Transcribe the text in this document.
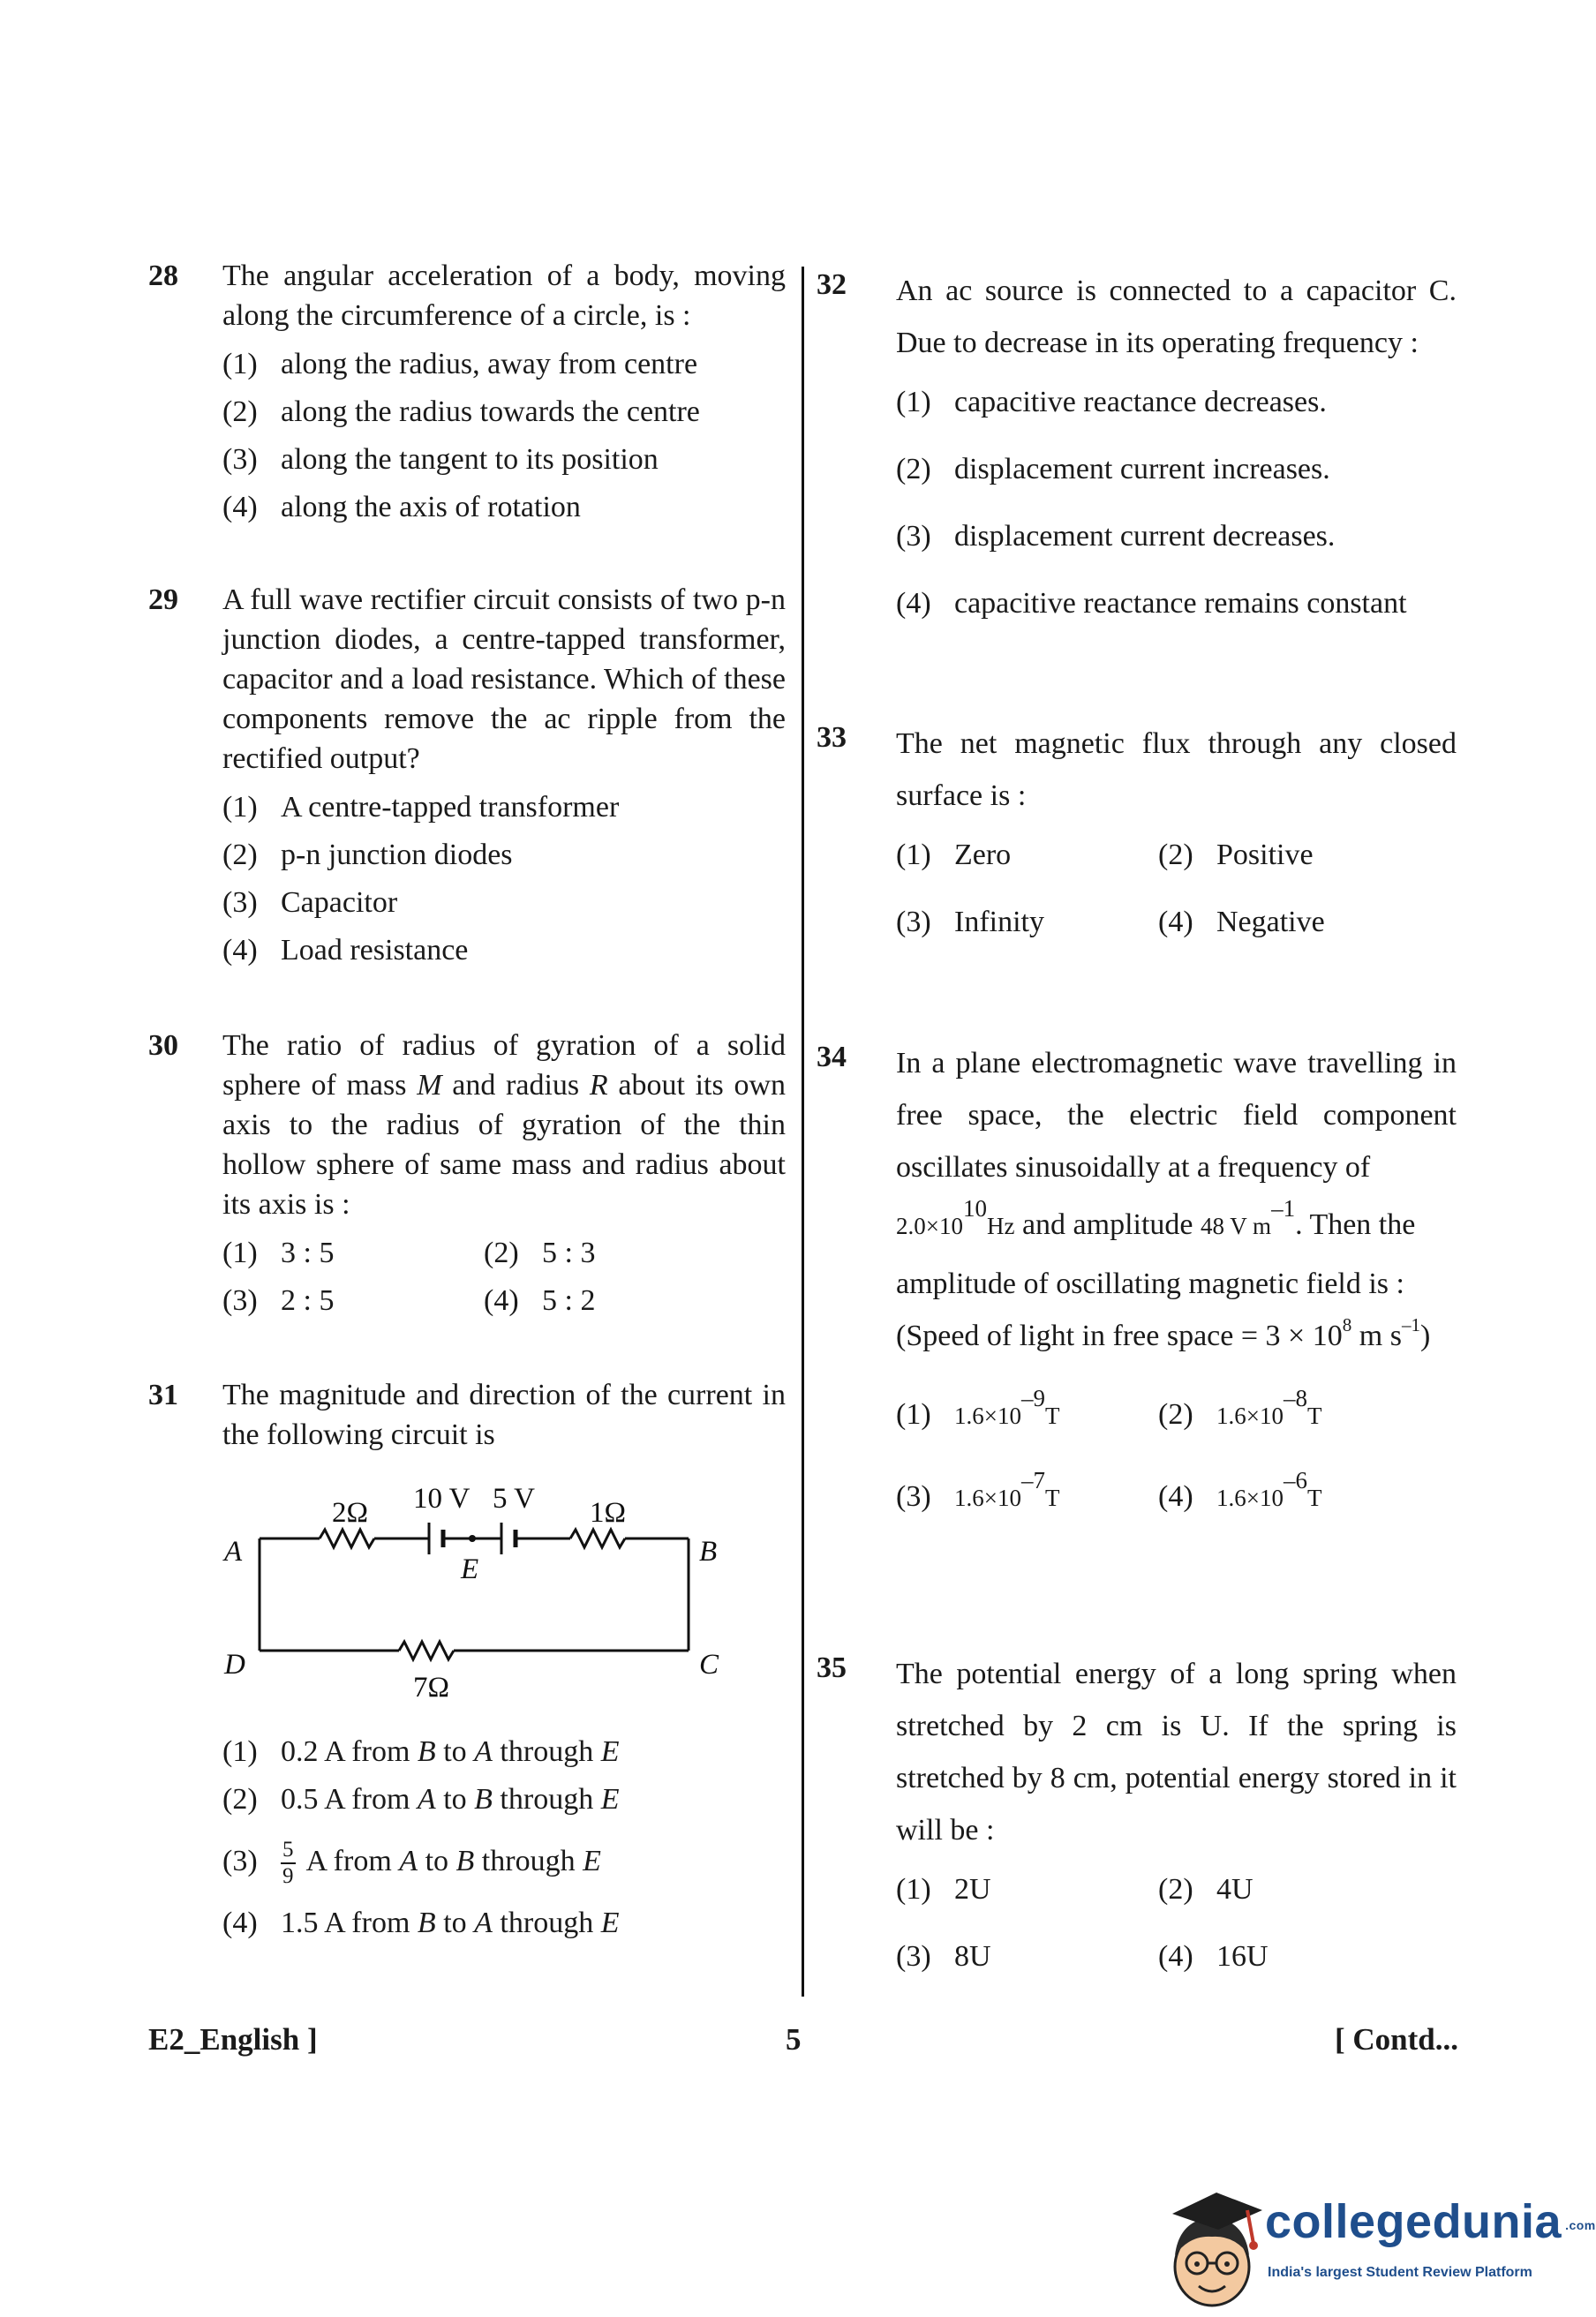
28 The angular acceleration of a body, moving along the circumference of a circle, is :
(1) along the radius, away from centre
(2) along the radius towards the centre
(3) along the tangent to its position
(4) along the axis of rotation
29 A full wave rectifier circuit consists of two p-n junction diodes, a centre-tapped transformer, capacitor and a load resistance. Which of these components remove the ac ripple from the rectified output?
(1) A centre-tapped transformer
(2) p-n junction diodes
(3) Capacitor
(4) Load resistance
30 The ratio of radius of gyration of a solid sphere of mass M and radius R about its own axis to the radius of gyration of the thin hollow sphere of same mass and radius about its axis is :
(1) 3 : 5	(2) 5 : 3
(3) 2 : 5	(4) 5 : 2
31 The magnitude and direction of the current in the following circuit is
A
D
2Ω 10 V 5 V 1Ω
E
B
C
7Ω
(1) 0.2 A from B to A through E
(2) 0.5 A from A to B through E
$(3) \frac{5}{9}$ A from A to B through E
(4) 1.5 A from B to A through E
32 An ac source is connected to a capacitor C. Due to decrease in its operating frequency :
(1) capacitive reactance decreases.
(2) displacement current increases.
(3) displacement current decreases.
(4) capacitive reactance remains constant
33 The net magnetic flux through any closed surface is :
(1) Zero	(2) Positive
(3) Infinity	(4) Negative
34 In a plane electromagnetic wave travelling in free space, the electric field component oscillates sinusoidally at a frequency of
$2.0\times 10^{10}Hz$ and amplitude 48 V $m^{-1}$. Then the
amplitude of oscillating magnetic field is :
(Speed of light in free space = $3 \times 10^8$ m $s^{-1}$)
(1) $1.6\times 10^{-9}T$	(2) $1.6\times 10^{-8}T$
(3) $1.6\times 10^{-7}T$	(4) $1.6\times 10^{-6}T$
35 The potential energy of a long spring when stretched by 2 cm is U. If the spring is stretched by 8 cm, potential energy stored in it will be :
(1) 2U	(2) 4U
(3) 8U	(4) 16U
E2_English ]	5	[ Contd...
collegedunia .com
India's largest Student Review Platform
